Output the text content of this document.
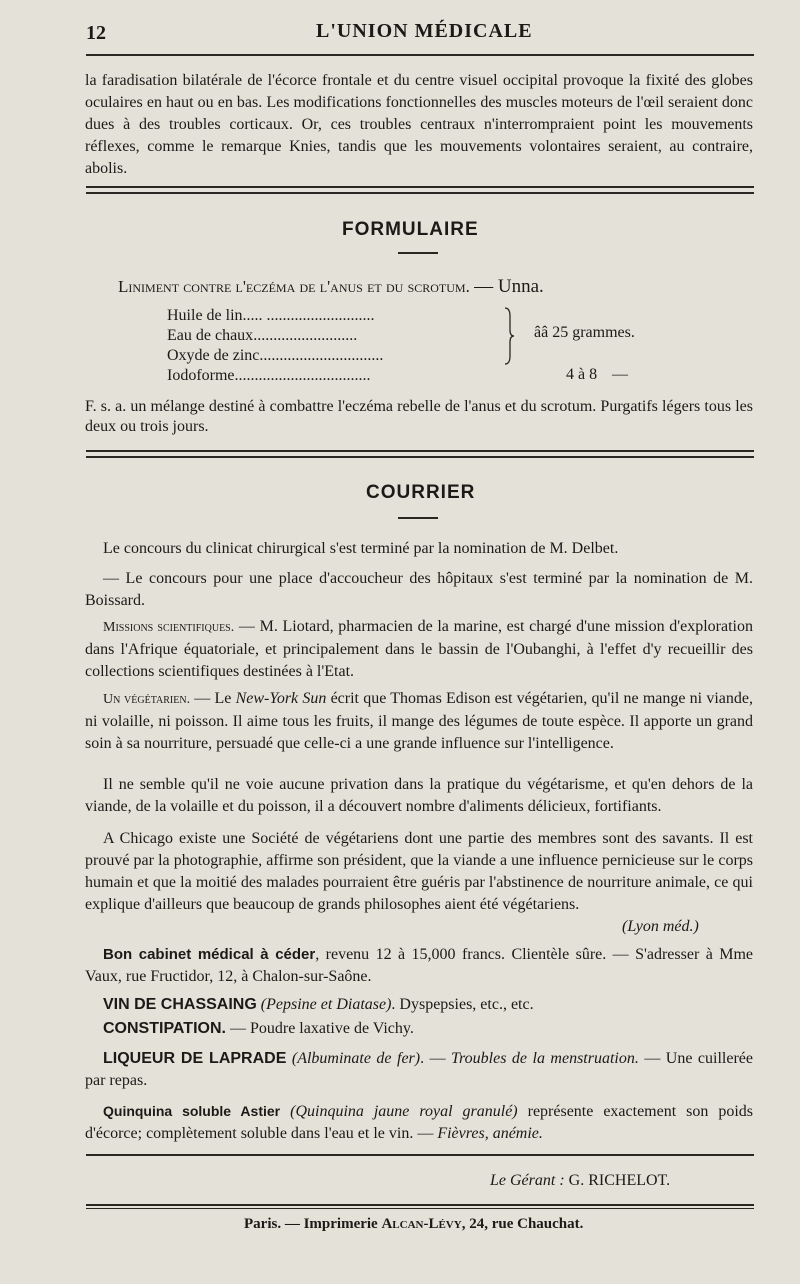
12	L'UNION MÉDICALE
la faradisation bilatérale de l'écorce frontale et du centre visuel occipital provoque la fixité des globes oculaires en haut ou en bas. Les modifications fonctionnelles des muscles moteurs de l'œil seraient donc dues à des troubles corticaux. Or, ces troubles centraux n'interrompraient point les mouvements réflexes, comme le remarque Knies, tandis que les mouvements volontaires seraient, au contraire, abolis.
FORMULAIRE
Liniment contre l'eczéma de l'anus et du scrotum. — Unna.
Huile de lin..... ...........................
Eau de chaux..........................
Oxyde de zinc...............................
Iodoforme..................................
ââ 25 grammes.
4 à 8 —
F. s. a. un mélange destiné à combattre l'eczéma rebelle de l'anus et du scrotum. Purgatifs légers tous les deux ou trois jours.
COURRIER
Le concours du clinicat chirurgical s'est terminé par la nomination de M. Delbet.
— Le concours pour une place d'accoucheur des hôpitaux s'est terminé par la nomination de M. Boissard.
Missions scientifiques. — M. Liotard, pharmacien de la marine, est chargé d'une mission d'exploration dans l'Afrique équatoriale, et principalement dans le bassin de l'Oubanghi, à l'effet d'y recueillir des collections scientifiques destinées à l'Etat.
Un végétarien. — Le New-York Sun écrit que Thomas Edison est végétarien, qu'il ne mange ni viande, ni volaille, ni poisson. Il aime tous les fruits, il mange des légumes de toute espèce. Il apporte un grand soin à sa nourriture, persuadé que celle-ci a une grande influence sur l'intelligence.
Il ne semble qu'il ne voie aucune privation dans la pratique du végétarisme, et qu'en dehors de la viande, de la volaille et du poisson, il a découvert nombre d'aliments délicieux, fortifiants.
A Chicago existe une Société de végétariens dont une partie des membres sont des savants. Il est prouvé par la photographie, affirme son président, que la viande a une influence pernicieuse sur le corps humain et que la moitié des malades pourraient être guéris par l'abstinence de nourriture animale, ce qui explique d'ailleurs que beaucoup de grands philosophes aient été végétariens.
(Lyon méd.)
Bon cabinet médical à céder, revenu 12 à 15,000 francs. Clientèle sûre. — S'adresser à Mme Vaux, rue Fructidor, 12, à Chalon-sur-Saône.
VIN DE CHASSAING (Pepsine et Diatase). Dyspepsies, etc., etc.
CONSTIPATION. — Poudre laxative de Vichy.
LIQUEUR DE LAPRADE (Albuminate de fer). — Troubles de la menstruation. — Une cuillerée par repas.
Quinquina soluble Astier (Quinquina jaune royal granulé) représente exactement son poids d'écorce; complètement soluble dans l'eau et le vin. — Fièvres, anémie.
Le Gérant : G. RICHELOT.
Paris. — Imprimerie Alcan-Lévy, 24, rue Chauchat.
